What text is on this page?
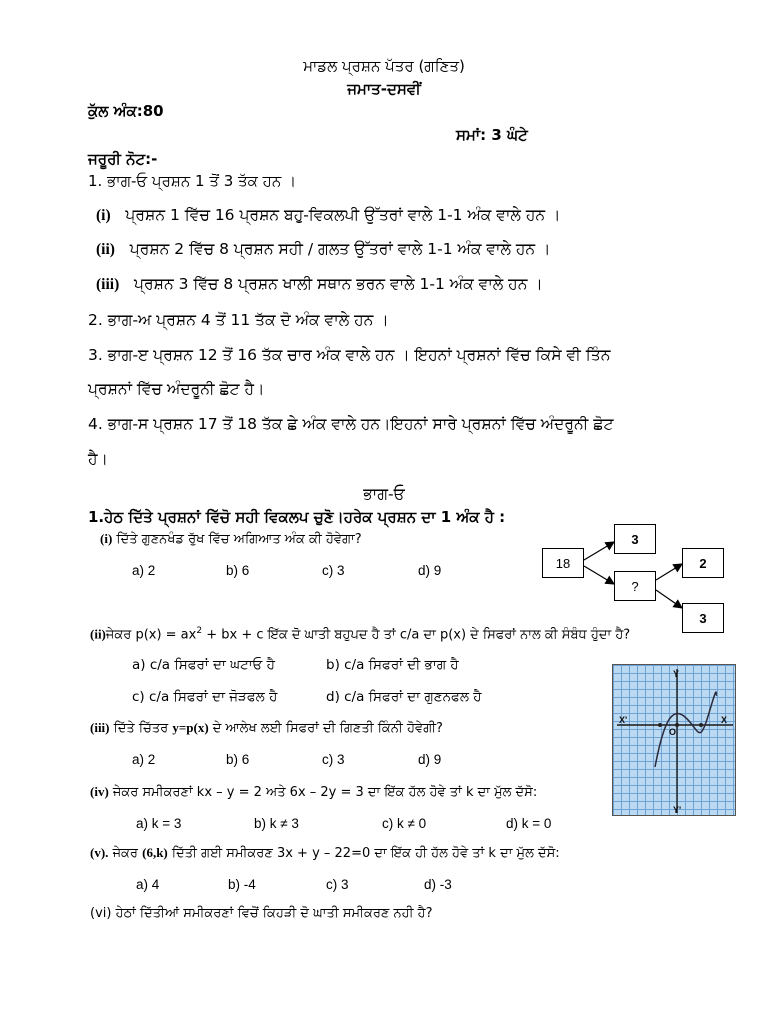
ਮਾਡਲ ਪ੍ਰਸ਼ਨ ਪੱਤਰ (ਗਣਿਤ)
ਜਮਾਤ-ਦਸਵੀਂ
ਕੁੱਲ ਅੰਕ:80
ਸਮਾਂ: 3 ਘੰਟੇ
ਜਰੂਰੀ ਨੋਟ:-
1. ਭਾਗ-ਓ ਪ੍ਰਸ਼ਨ 1 ਤੋਂ 3 ਤੱਕ ਹਨ ।
(i) ਪ੍ਰਸ਼ਨ 1 ਵਿੱਚ 16 ਪ੍ਰਸ਼ਨ ਬਹੁ-ਵਿਕਲਪੀ ਉੱਤਰਾਂ ਵਾਲੇ 1-1 ਅੰਕ ਵਾਲੇ ਹਨ ।
(ii) ਪ੍ਰਸ਼ਨ 2 ਵਿੱਚ 8 ਪ੍ਰਸ਼ਨ ਸਹੀ / ਗਲਤ ਉੱਤਰਾਂ ਵਾਲੇ 1-1 ਅੰਕ ਵਾਲੇ ਹਨ ।
(iii) ਪ੍ਰਸ਼ਨ 3 ਵਿੱਚ 8 ਪ੍ਰਸ਼ਨ ਖਾਲੀ ਸਥਾਨ ਭਰਨ ਵਾਲੇ 1-1 ਅੰਕ ਵਾਲੇ ਹਨ ।
2. ਭਾਗ-ਅ ਪ੍ਰਸ਼ਨ 4 ਤੋਂ 11 ਤੱਕ ਦੋ ਅੰਕ ਵਾਲੇ ਹਨ ।
3. ਭਾਗ-ੲ ਪ੍ਰਸ਼ਨ 12 ਤੋਂ 16 ਤੱਕ ਚਾਰ ਅੰਕ ਵਾਲੇ ਹਨ । ਇਹਨਾਂ ਪ੍ਰਸ਼ਨਾਂ ਵਿੱਚ ਕਿਸੇ ਵੀ ਤਿੰਨ
ਪ੍ਰਸ਼ਨਾਂ ਵਿੱਚ ਅੰਦਰੂਨੀ ਛੋਟ ਹੈ।
4. ਭਾਗ-ਸ ਪ੍ਰਸ਼ਨ 17 ਤੋਂ 18 ਤੱਕ ਛੇ ਅੰਕ ਵਾਲੇ ਹਨ।ਇਹਨਾਂ ਸਾਰੇ ਪ੍ਰਸ਼ਨਾਂ ਵਿੱਚ ਅੰਦਰੂਨੀ ਛੋਟ
ਹੈ।
ਭਾਗ-ਓ
1.ਹੇਠ ਦਿੱਤੇ ਪ੍ਰਸ਼ਨਾਂ ਵਿੱਚੋ ਸਹੀ ਵਿਕਲਪ ਚੁਣੋ।ਹਰੇਕ ਪ੍ਰਸ਼ਨ ਦਾ 1 ਅੰਕ ਹੈ :
(i) ਦਿੱਤੇ ਗੁਣਨਖੰਡ ਰੁੱਖ ਵਿੱਚ ਅਗਿਆਤ ਅੰਕ ਕੀ ਹੋਵੇਗਾ?
a) 2	b) 6	c) 3	d) 9	18
3
?
2
3
(ii)ਜੇਕਰ $p(x) = ax^2$ + bx + c ਇੱਕ ਦੋ ਘਾਤੀ ਬਹੁਪਦ ਹੈ ਤਾਂ c/a ਦਾ p(x) ਦੇ ਸਿਫਰਾਂ ਨਾਲ ਕੀ ਸੰਬੰਧ ਹੁੰਦਾ ਹੈ?
a) c/a ਸਿਫਰਾਂ ਦਾ ਘਟਾਓ ਹੈ	b) c/a ਸਿਫਰਾਂ ਦੀ ਭਾਗ ਹੈ
c) c/a ਸਿਫਰਾਂ ਦਾ ਜੋੜਫਲ ਹੈ	d) c/a ਸਿਫਰਾਂ ਦਾ ਗੁਣਨਫਲ ਹੈ
Y
Y'
X
X'
O
(iii) ਦਿੱਤੇ ਚਿੱਤਰ y=p(x) ਦੇ ਆਲੇਖ ਲਈ ਸਿਫਰਾਂ ਦੀ ਗਿਣਤੀ ਕਿੰਨੀ ਹੋਵੇਗੀ?
a) 2	b) 6	c) 3	d) 9
(iv) ਜੇਕਰ ਸਮੀਕਰਣਾਂ kx – y = 2 ਅਤੇ 6x – 2y = 3 ਦਾ ਇੱਕ ਹੱਲ ਹੋਵੇ ਤਾਂ k ਦਾ ਮੁੱਲ ਦੱਸੋ:
a) k = 3	b) k ≠ 3	c) k ≠ 0	d) k = 0
(v). ਜੇਕਰ (6,k) ਦਿੱਤੀ ਗਈ ਸਮੀਕਰਣ 3x + y – 22=0 ਦਾ ਇੱਕ ਹੀ ਹੱਲ ਹੋਵੇ ਤਾਂ k ਦਾ ਮੁੱਲ ਦੱਸੋ:
a) 4	b) -4	c) 3	d) -3
(vi) ਹੇਠਾਂ ਦਿੱਤੀਆਂ ਸਮੀਕਰਣਾਂ ਵਿਚੋਂ ਕਿਹੜੀ ਦੋ ਘਾਤੀ ਸਮੀਕਰਣ ਨਹੀ ਹੈ?
